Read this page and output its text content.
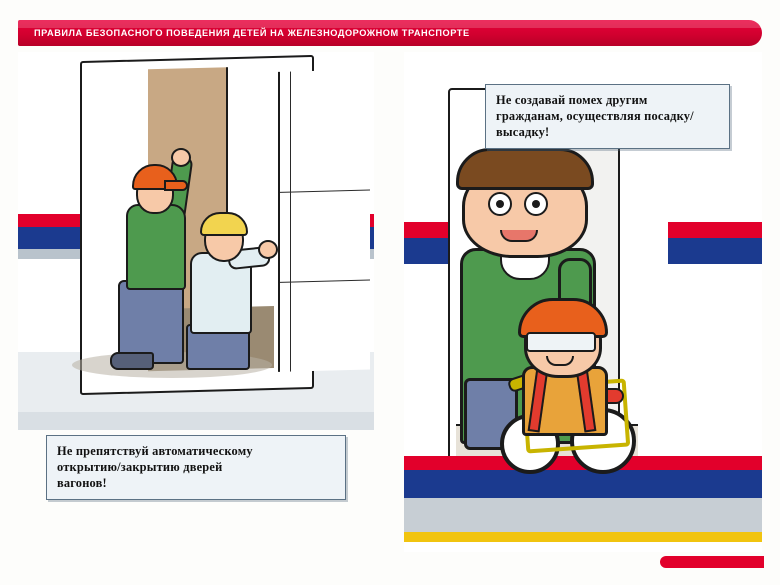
ПРАВИЛА БЕЗОПАСНОГО ПОВЕДЕНИЯ ДЕТЕЙ НА ЖЕЛЕЗНОДОРОЖНОМ ТРАНСПОРТЕ
Не создавай помех другим
гражданам, осуществляя посадку/
высадку!
Не препятствуй автоматическому
открытию/закрытию дверей
вагонов!
